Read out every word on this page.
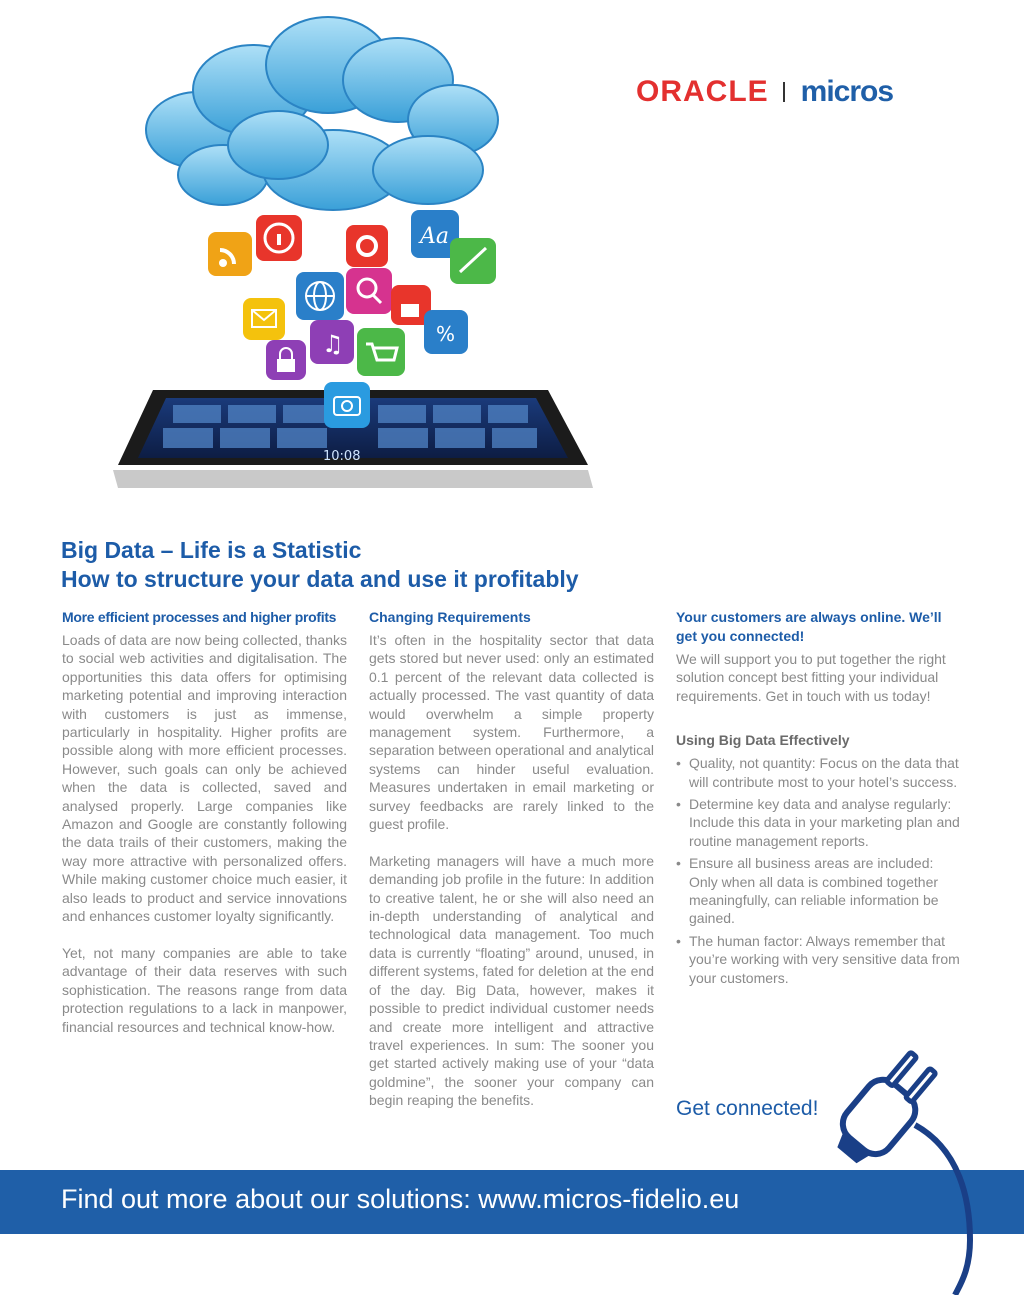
Aa
%
♫
10:08
ORACLE micros
Big Data – Life is a Statistic
How to structure your data and use it profitably
More efficient processes and higher profits

Loads of data are now being collected, thanks to social web activities and digitalisation. The opportunities this data offers for optimising marketing potential and improving interaction with customers is just as immense, particularly in hospitality. Higher profits are possible along with more efficient processes. However, such goals can only be achieved when the data is collected, saved and analysed properly. Large companies like Amazon and Google are constantly following the data trails of their customers, making the way more attractive with personalized offers. While making customer choice much easier, it also leads to product and service innovations and enhances customer loyalty significantly.

Yet, not many companies are able to take advantage of their data reserves with such sophistication. The reasons range from data protection regulations to a lack in manpower, financial resources and technical know-how.

Changing Requirements

It’s often in the hospitality sector that data gets stored but never used: only an estimated 0.1 percent of the relevant data collected is actually processed. The vast quantity of data would overwhelm a simple property management system. Furthermore, a separation between operational and analytical systems can hinder useful evaluation. Measures undertaken in email marketing or survey feedbacks are rarely linked to the guest profile.

Marketing managers will have a much more demanding job profile in the future: In addition to creative talent, he or she will also need an in-depth understanding of analytical and technological data management. Too much data is currently “floating” around, unused, in different systems, fated for deletion at the end of the day. Big Data, however, makes it possible to predict individual customer needs and create more intelligent and attractive travel experiences. In sum: The sooner you get started actively making use of your “data goldmine”, the sooner your company can begin reaping the benefits.

Your customers are always online. We’ll get you connected!

We will support you to put together the right solution concept best fitting your individual requirements. Get in touch with us today!

Using Big Data Effectively
• Quality, not quantity: Focus on the data that will contribute most to your hotel’s success.
• Determine key data and analyse regularly: Include this data in your marketing plan and routine management reports.
• Ensure all business areas are included: Only when all data is combined together meaningfully, can reliable information be gained.
• The human factor: Always remember that you’re working with very sensitive data from your customers.

Get connected!

Find out more about our solutions: www.micros-fidelio.eu
